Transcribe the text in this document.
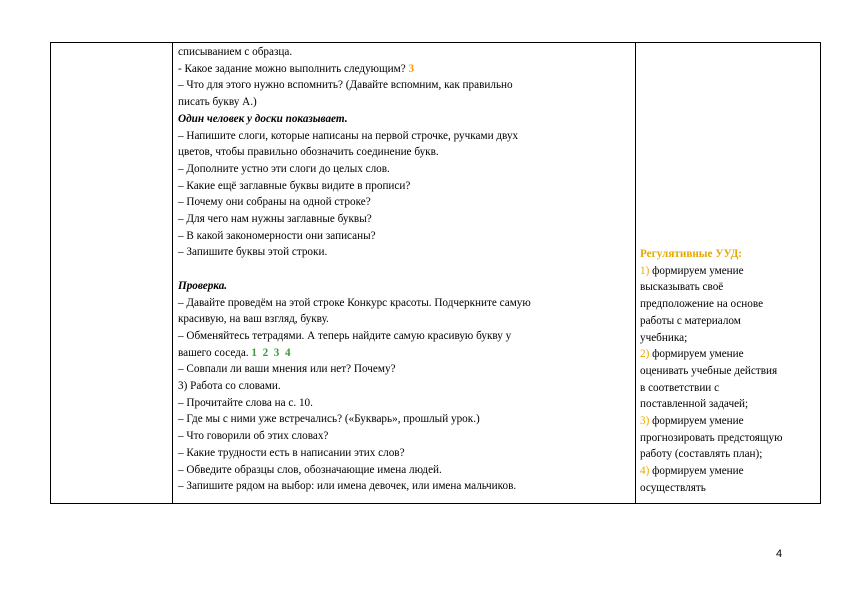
списыванием с образца.
- Какое задание можно выполнить следующим? 3
– Что для этого нужно вспомнить? (Давайте вспомним, как правильно
писать букву А.)
Один человек у доски показывает.
– Напишите слоги, которые написаны на первой строчке, ручками двух
цветов, чтобы правильно обозначить соединение букв.
– Дополните устно эти слоги до целых слов.
– Какие ещё заглавные буквы видите в прописи?
– Почему они собраны на одной строке?
– Для чего нам нужны заглавные буквы?
– В какой закономерности они записаны?
– Запишите буквы этой строки.
Проверка.
– Давайте проведём на этой строке Конкурс красоты. Подчеркните самую
красивую, на ваш взгляд, букву.
– Обменяйтесь тетрадями. А теперь найдите самую красивую букву у
вашего соседа. 1 2 3 4
– Совпали ли ваши мнения или нет? Почему?
3) Работа со словами.
– Прочитайте слова на с. 10.
– Где мы с ними уже встречались? («Букварь», прошлый урок.)
– Что говорили об этих словах?
– Какие трудности есть в написании этих слов?
– Обведите образцы слов, обозначающие имена людей.
– Запишите рядом на выбор: или имена девочек, или имена мальчиков.
Регулятивные УУД:
1) формируем умение
высказывать своё
предположение на основе
работы с материалом
учебника;
2) формируем умение
оценивать учебные действия
в соответствии с
поставленной задачей;
3) формируем умение
прогнозировать предстоящую
работу (составлять план);
4) формируем умение
осуществлять
4
